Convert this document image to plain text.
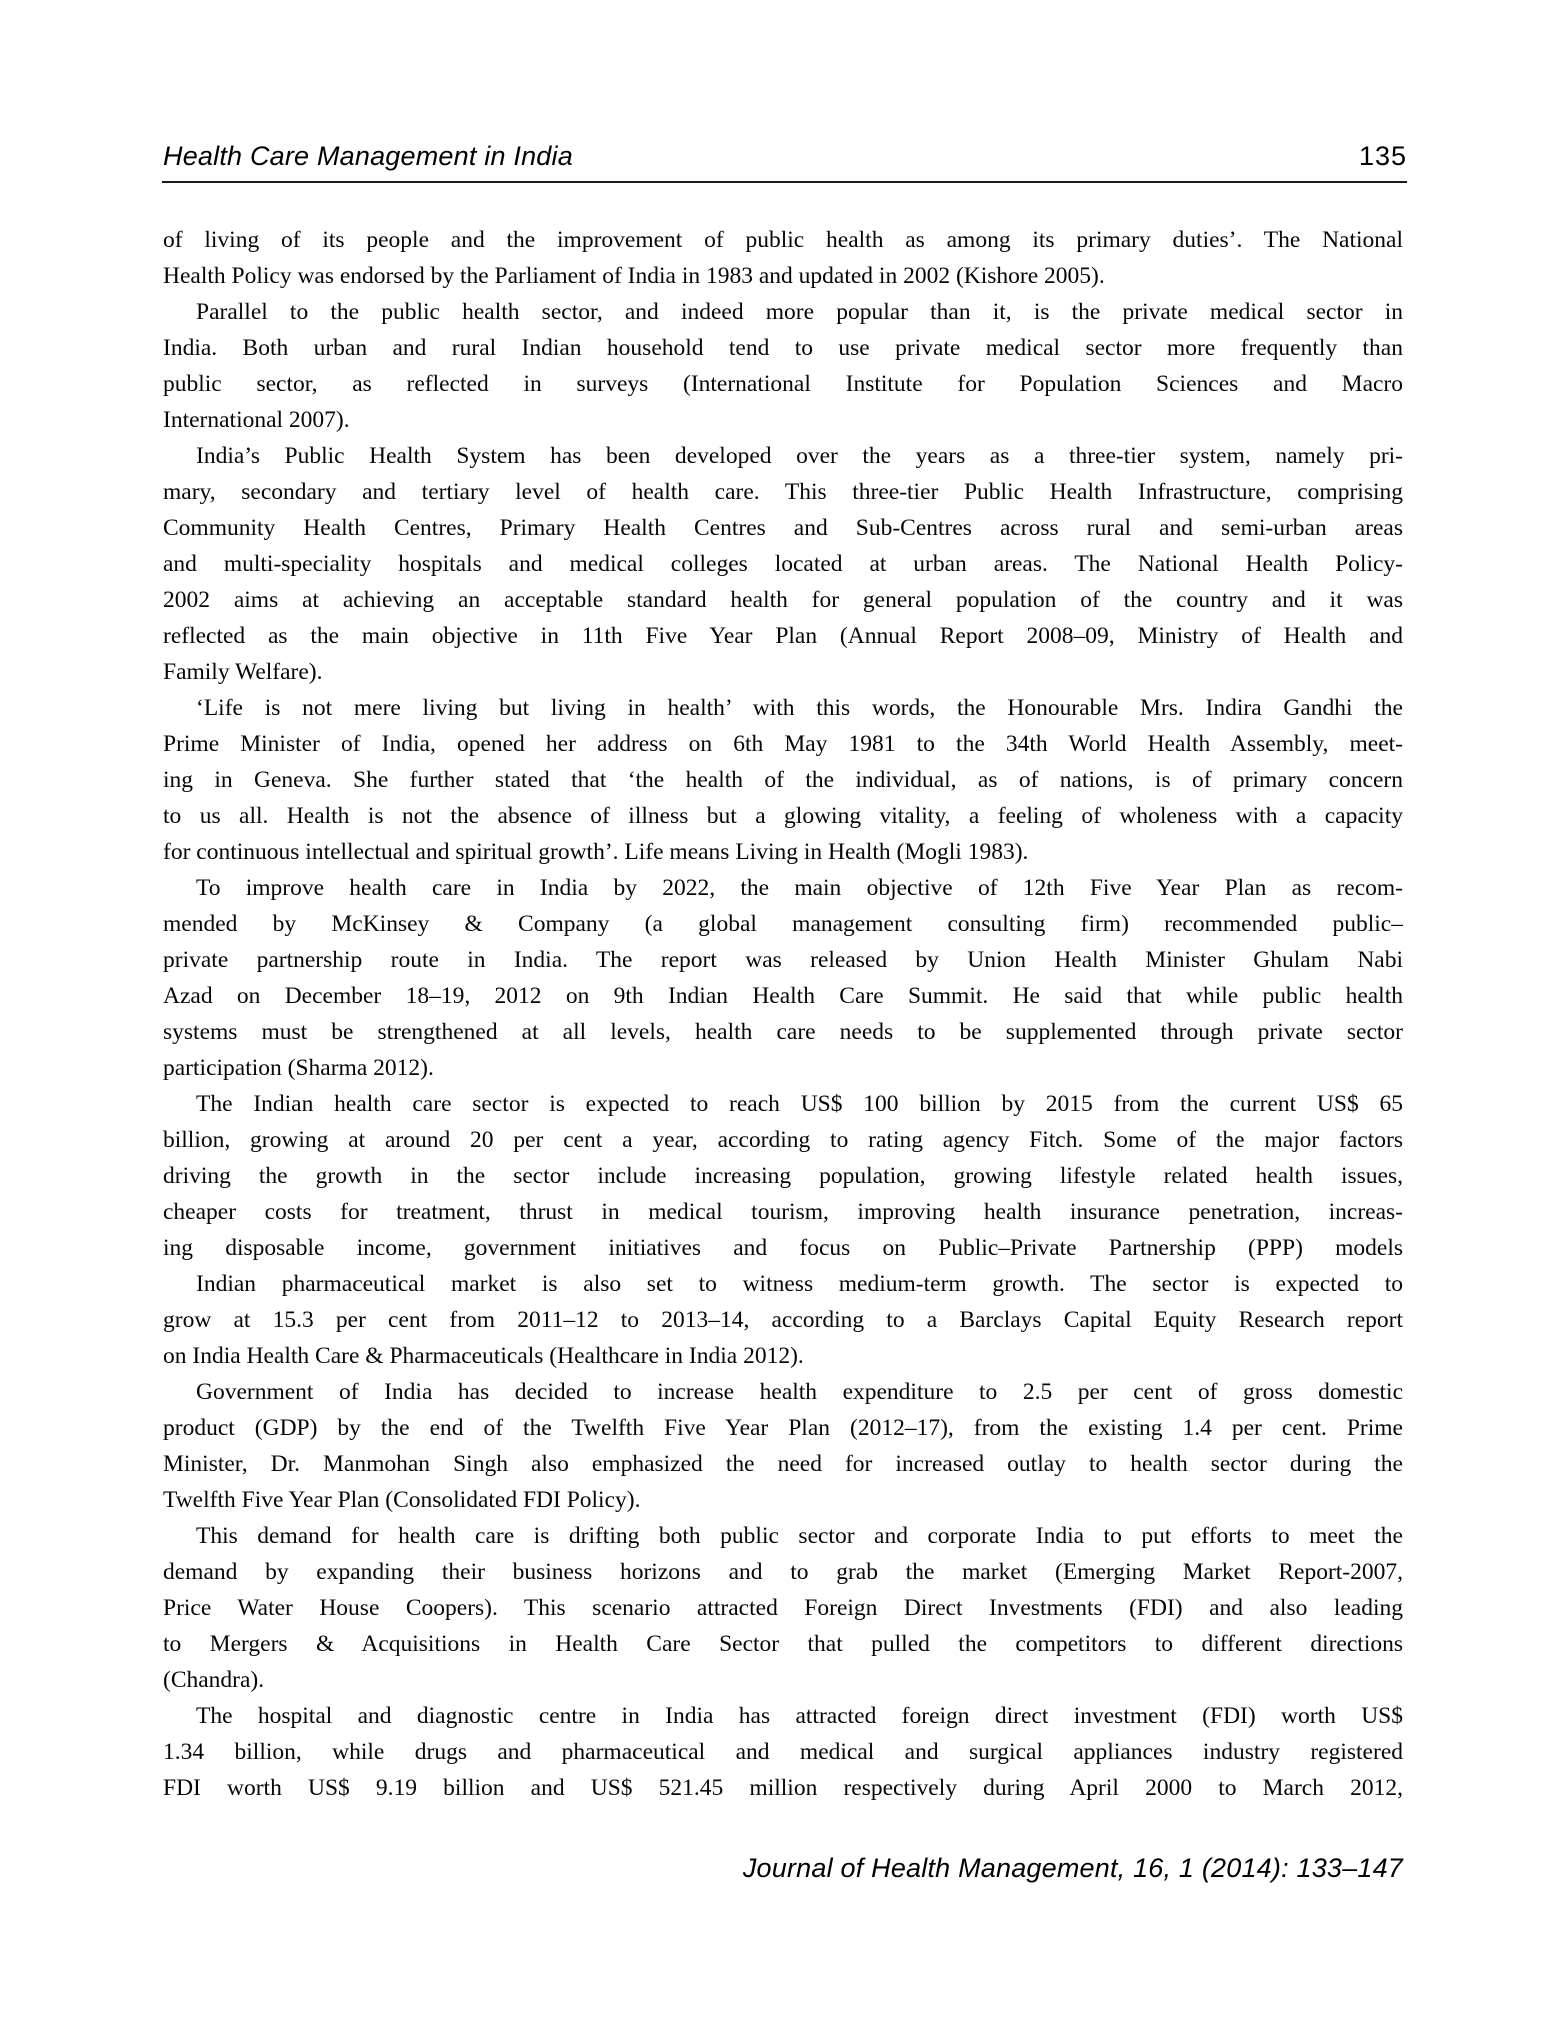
Health Care Management in India	135
of living of its people and the improvement of public health as among its primary duties’. The National
Health Policy was endorsed by the Parliament of India in 1983 and updated in 2002 (Kishore 2005).
Parallel to the public health sector, and indeed more popular than it, is the private medical sector in
India. Both urban and rural Indian household tend to use private medical sector more frequently than
public sector, as reflected in surveys (International Institute for Population Sciences and Macro
International 2007).
India’s Public Health System has been developed over the years as a three-tier system, namely pri-
mary, secondary and tertiary level of health care. This three-tier Public Health Infrastructure, comprising
Community Health Centres, Primary Health Centres and Sub-Centres across rural and semi-urban areas
and multi-speciality hospitals and medical colleges located at urban areas. The National Health Policy-
2002 aims at achieving an acceptable standard health for general population of the country and it was
reflected as the main objective in 11th Five Year Plan (Annual Report 2008–09, Ministry of Health and
Family Welfare).
‘Life is not mere living but living in health’ with this words, the Honourable Mrs. Indira Gandhi the
Prime Minister of India, opened her address on 6th May 1981 to the 34th World Health Assembly, meet-
ing in Geneva. She further stated that ‘the health of the individual, as of nations, is of primary concern
to us all. Health is not the absence of illness but a glowing vitality, a feeling of wholeness with a capacity
for continuous intellectual and spiritual growth’. Life means Living in Health (Mogli 1983).
To improve health care in India by 2022, the main objective of 12th Five Year Plan as recom-
mended by McKinsey & Company (a global management consulting firm) recommended public–
private partnership route in India. The report was released by Union Health Minister Ghulam Nabi
Azad on December 18–19, 2012 on 9th Indian Health Care Summit. He said that while public health
systems must be strengthened at all levels, health care needs to be supplemented through private sector
participation (Sharma 2012).
The Indian health care sector is expected to reach US$ 100 billion by 2015 from the current US$ 65
billion, growing at around 20 per cent a year, according to rating agency Fitch. Some of the major factors
driving the growth in the sector include increasing population, growing lifestyle related health issues,
cheaper costs for treatment, thrust in medical tourism, improving health insurance penetration, increas-
ing disposable income, government initiatives and focus on Public–Private Partnership (PPP) models
Indian pharmaceutical market is also set to witness medium-term growth. The sector is expected to
grow at 15.3 per cent from 2011–12 to 2013–14, according to a Barclays Capital Equity Research report
on India Health Care & Pharmaceuticals (Healthcare in India 2012).
Government of India has decided to increase health expenditure to 2.5 per cent of gross domestic
product (GDP) by the end of the Twelfth Five Year Plan (2012–17), from the existing 1.4 per cent. Prime
Minister, Dr. Manmohan Singh also emphasized the need for increased outlay to health sector during the
Twelfth Five Year Plan (Consolidated FDI Policy).
This demand for health care is drifting both public sector and corporate India to put efforts to meet the
demand by expanding their business horizons and to grab the market (Emerging Market Report-2007,
Price Water House Coopers). This scenario attracted Foreign Direct Investments (FDI) and also leading
to Mergers & Acquisitions in Health Care Sector that pulled the competitors to different directions
(Chandra).
The hospital and diagnostic centre in India has attracted foreign direct investment (FDI) worth US$
1.34 billion, while drugs and pharmaceutical and medical and surgical appliances industry registered
FDI worth US$ 9.19 billion and US$ 521.45 million respectively during April 2000 to March 2012,
Journal of Health Management, 16, 1 (2014): 133–147
